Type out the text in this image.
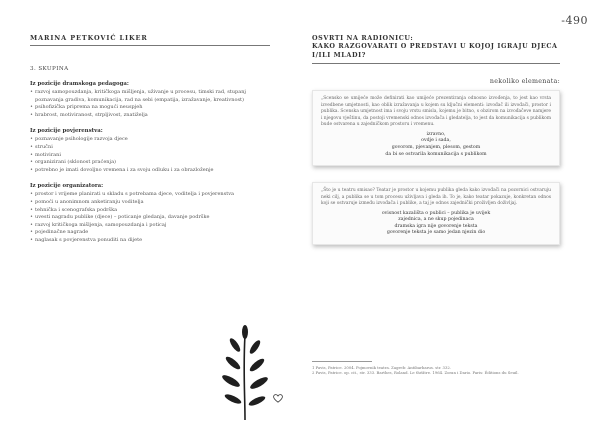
-490
MARINA PETKOVIĆ LIKER
3. SKUPINA
Iz pozicije dramskoga pedagoga:
• razvoj samopouzdanja, kritičkoga mišljenja, uživanje u procesu, timski rad, stupanj poznavanja gradiva, komunikacija, rad na sebi (empatija, izražavanje, kreativnost)
• psihofizička priprema na mogući neuspjeh
• hrabrost, motiviranost, strpljivost, znatiželja
Iz pozicije povjerenstva:
• poznavanje psihologije razvoja djece
• stručni
• motivirani
• organizirani (sklonost praćenja)
• potrebno je imati dovoljno vremena i za svoju odluku i za obrazloženje
Iz pozicije organizatora:
• prostor i vrijeme planirati u skladu s potrebama djece, voditelja i povjerenstva
• pomoći u anonimnom anketiranju voditelja
• tehnička i scenografska podrška
• uvesti nagradu publike (djece) – poticanje gledanja, davanje podrške
• razvoj kritičkoga mišljenja, samopouzdanja i poticaj
• pojedinačne nagrade
• naglasak s povjerenstva ponuditi na dijete
OSVRTI NA RADIONICU:
KAKO RAZGOVARATI O PREDSTAVI U KOJOJ IGRAJU DJECA I/ILI MLADI?
nekoliko elemenata:

„Scensko se umijeće može definirati kao umijeće prezentiranja odnosno izvođenja, to jest kao vrsta izvedbene umjetnosti, kao oblik izražavanja u kojem su ključni elementi: izvođač ili izvođači, prostor i publika. Scenska umjetnost ima i svoju vrstu smisla, kojemu je bitno, s obzirom na izvođačeve namjere i njegovu vještinu, da postoji vremenski odnos izvođača i gledatelja, to jest da komunikacija s publikom bude ostvarena u zajedničkom prostoru i vremenu.

izravno,
ovdje i sada,
govorom, pjevanjem, plesom, gestom
da bi se ostvarila komunikacija s publikom

„Što je u teatru smisao? Teatar je prostor u kojemu publika gleda kako izvođači na pozornici ostvaruju neki cilj, a publika se u tom procesu uživljava i gleda ih. To je, kako teatar pokazuje, konkretan odnos koji se ostvaruje između izvođača i publike, a taj je odnos zajednički proživljen doživljaj.

ovisnost kazališta o publici – publika je uvijek
zajednica, a ne skup pojedinaca
dramska igra nije govorenje teksta
govorenje teksta je samo jedan njezin dio
1 Pavis, Patrice. 2004. Pojmovnik teatra. Zagreb: Antibarbarus. str. 332.
2 Pavis, Patrice. op. cit., str. 333. Barthes, Roland. Le théâtre. 1964. Zoran i Dario. Paris: Éditions du Seuil.
